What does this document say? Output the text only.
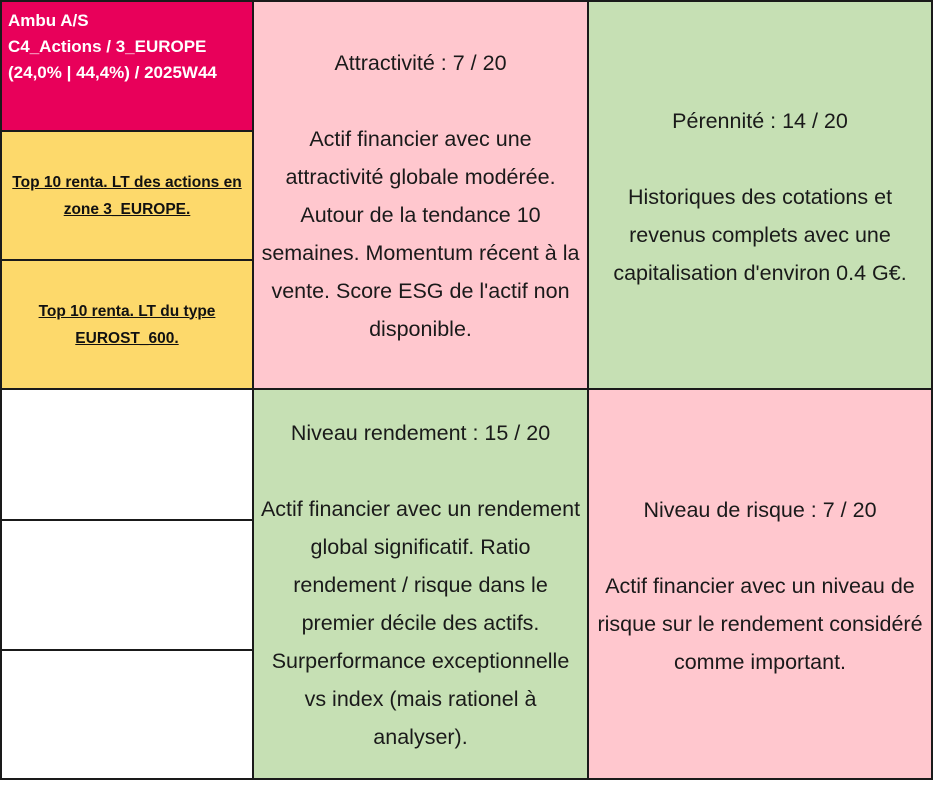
Ambu A/S
C4_Actions / 3_EUROPE
(24,0% | 44,4%) / 2025W44
Top 10 renta. LT des actions en zone 3_EUROPE.
Top 10 renta. LT du type EUROST_600.
Attractivité : 7 / 20
Actif financier avec une attractivité globale modérée. Autour de la tendance 10 semaines. Momentum récent à la vente. Score ESG de l'actif non disponible.
Pérennité : 14 / 20
Historiques des cotations et revenus complets avec une capitalisation d'environ 0.4 G€.
Niveau rendement : 15 / 20
Actif financier avec un rendement global significatif. Ratio rendement / risque dans le premier décile des actifs. Surperformance exceptionnelle vs index (mais rationel à analyser).
Niveau de risque : 7 / 20
Actif financier avec un niveau de risque sur le rendement considéré comme important.
